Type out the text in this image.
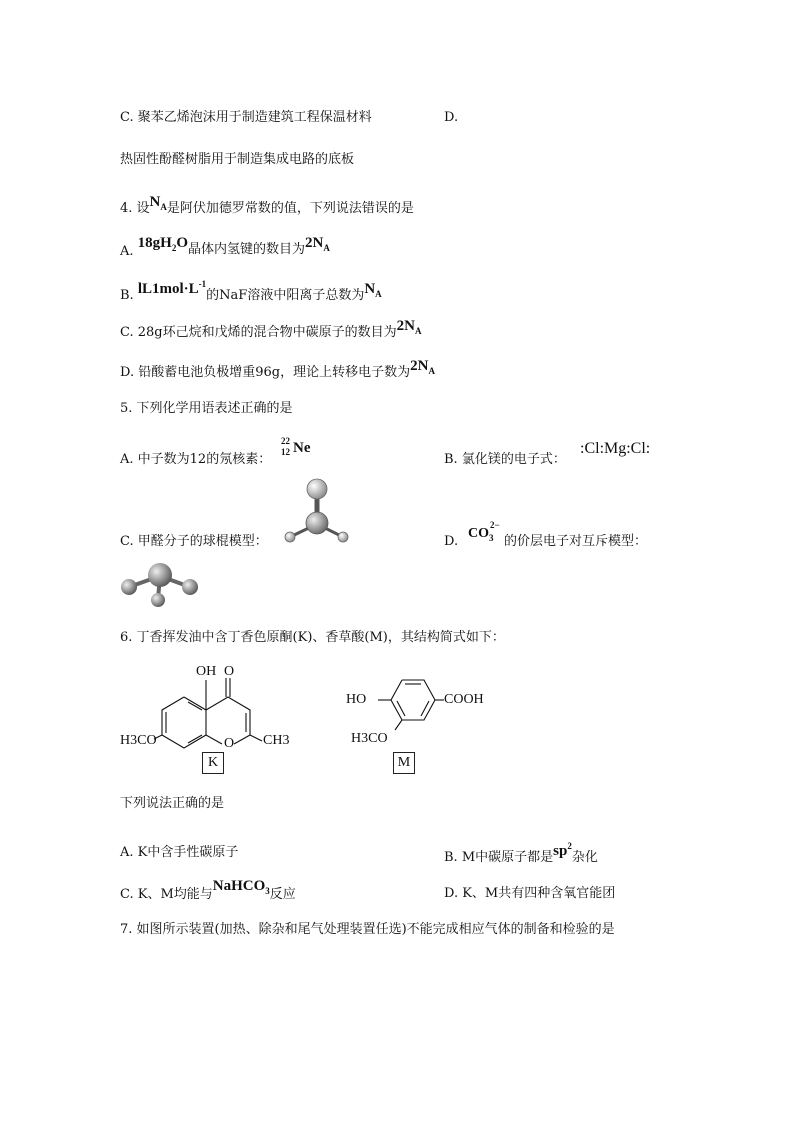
C. 聚苯乙烯泡沫用于制造建筑工程保温材料	D.
热固性酚醛树脂用于制造集成电路的底板
4. 设$N_A$是阿伏加德罗常数的值，下列说法错误的是
A. $18gH_2O$晶体内氢键的数目为$2N_A$
B. $lL1mol\cdot L^{-1}$的NaF溶液中阳离子总数为$N_A$
C. 28g环己烷和戊烯的混合物中碳原子的数目为$2N_A$
D. 铅酸蓄电池负极增重96g，理论上转移电子数为$2N_A$
5. 下列化学用语表述正确的是
A. 中子数为12的氖核素：
22
12 Ne
B. 氯化镁的电子式：
:Cl:Mg:Cl:
C. 甲醛分子的球棍模型：	D.
$CO_3$
2−
的价层电子对互斥模型：
6. 丁香挥发油中含丁香色原酮(K)、香草酸(M)，其结构简式如下：
OH O
O
H3CO	CH3
K
HO	COOH
H3CO
M
下列说法正确的是
A. K中含手性碳原子	B. M中碳原子都是$sp^2$杂化
C. K、M均能与NaHCO$_3$反应	D. K、M共有四种含氧官能团
7. 如图所示装置(加热、除杂和尾气处理装置任选)不能完成相应气体的制备和检验的是
